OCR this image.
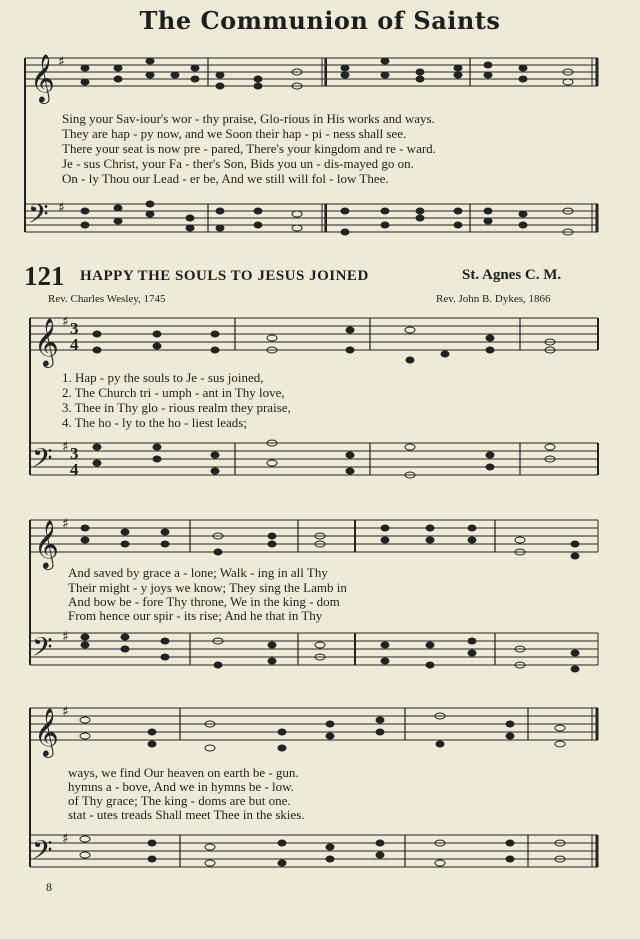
The Communion of Saints
𝄞
𝄢
𝄞
𝄢
𝄞
𝄢
𝄞
𝄢
♯
♯
♯
♯
♯
♯
♯
♯
3
4
3
4
Sing your Sav-iour's wor - thy praise, Glo-rious in His works and ways.
They are hap - py now, and we Soon their hap - pi - ness shall see.
There your seat is now pre - pared, There's your kingdom and re - ward.
Je - sus Christ, your Fa - ther's Son, Bids you un - dis-mayed go on.
On - ly Thou our Lead - er be, And we still will fol - low Thee.
121 HAPPY THE SOULS TO JESUS JOINED	St. Agnes C. M.
Rev. Charles Wesley, 1745	Rev. John B. Dykes, 1866
1. Hap - py the souls to Je - sus joined,
2. The Church tri - umph - ant in Thy love,
3. Thee in Thy glo - rious realm they praise,
4. The ho - ly to the ho - liest leads;
And saved by grace a - lone; Walk - ing in all Thy
Their might - y joys we know; They sing the Lamb in
And bow be - fore Thy throne, We in the king - dom
From hence our spir - its rise; And he that in Thy
ways, we find Our heaven on earth be - gun.
hymns a - bove, And we in hymns be - low.
of Thy grace; The king - doms are but one.
stat - utes treads Shall meet Thee in the skies.
8
